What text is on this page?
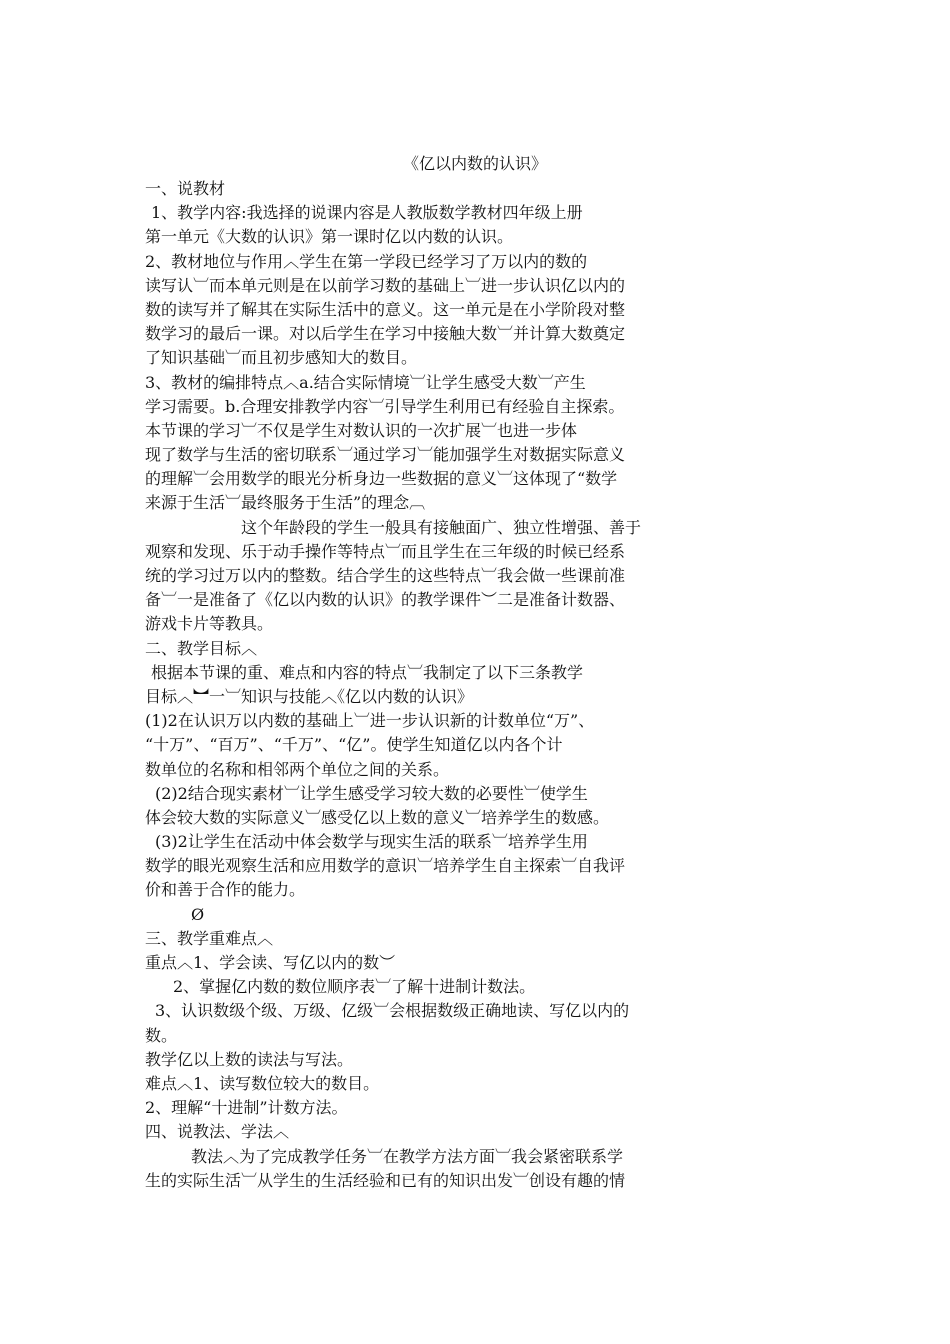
《亿以内数的认识》
一、说教材
1、教学内容:我选择的说课内容是人教版数学教材四年级上册
第一单元《大数的认识》第一课时亿以内数的认识。
2、教材地位与作用︿学生在第一学段已经学习了万以内的数的
读写认︺而本单元则是在以前学习数的基础上︺进一步认识亿以内的
数的读写并了解其在实际生活中的意义。这一单元是在小学阶段对整
数学习的最后一课。对以后学生在学习中接触大数︺并计算大数奠定
了知识基础︺而且初步感知大的数目。
3、教材的编排特点︿a.结合实际情境︺让学生感受大数︺产生
学习需要。b.合理安排教学内容︺引导学生利用已有经验自主探索。
本节课的学习︺不仅是学生对数认识的一次扩展︺也进一步体
现了数学与生活的密切联系︺通过学习︺能加强学生对数据实际意义
的理解︺会用数学的眼光分析身边一些数据的意义︺这体现了“数学
来源于生活︺最终服务于生活”的理念︹
这个年龄段的学生一般具有接触面广、独立性增强、善于
观察和发现、乐于动手操作等特点︺而且学生在三年级的时候已经系
统的学习过万以内的整数。结合学生的这些特点︺我会做一些课前准
备︺一是准备了《亿以内数的认识》的教学课件︶二是准备计数器、
游戏卡片等教具。
二、教学目标︿
根据本节课的重、难点和内容的特点︺我制定了以下三条教学
目标︿︼一︺知识与技能︿《亿以内数的认识》
(1)2在认识万以内数的基础上︺进一步认识新的计数单位“万”、
“十万”、“百万”、“千万”、“亿”。使学生知道亿以内各个计
数单位的名称和相邻两个单位之间的关系。
(2)2结合现实素材︺让学生感受学习较大数的必要性︺使学生
体会较大数的实际意义︺感受亿以上数的意义︺培养学生的数感。
(3)2让学生在活动中体会数学与现实生活的联系︺培养学生用
数学的眼光观察生活和应用数学的意识︺培养学生自主探索︺自我评
价和善于合作的能力。
Ø
三、教学重难点︿
重点︿1、学会读、写亿以内的数︶
2、掌握亿内数的数位顺序表︺了解十进制计数法。
3、认识数级个级、万级、亿级︺会根据数级正确地读、写亿以内的
数。
教学亿以上数的读法与写法。
难点︿1、读写数位较大的数目。
2、理解“十进制”计数方法。
四、说教法、学法︿
教法︿为了完成教学任务︺在教学方法方面︺我会紧密联系学
生的实际生活︺从学生的生活经验和已有的知识出发︺创设有趣的情
